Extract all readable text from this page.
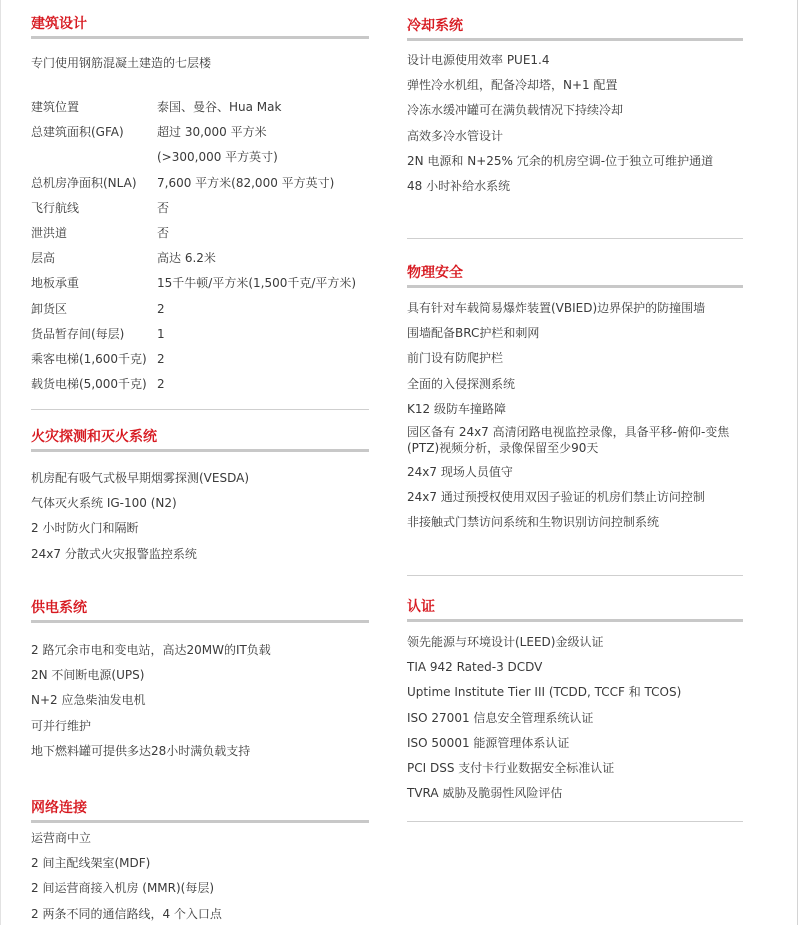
建筑设计

专门使用钢筋混凝土建造的七层楼

建筑位置	泰国、曼谷、Hua Mak
总建筑面积(GFA)	超过 30,000 平方米
(>300,000 平方英寸)
总机房净面积(NLA) 7,600 平方米(82,000 平方英寸)
飞行航线	否
泄洪道	否
层高	高达 6.2米
地板承重	15千牛顿/平方米(1,500千克/平方米)
卸货区	2
货品暂存间(每层)	1
乘客电梯(1,600千克) 2
载货电梯(5,000千克) 2
火灾探测和灭火系统
机房配有吸气式极早期烟雾探测(VESDA)
气体灭火系统 IG-100 (N2)
2 小时防火门和隔断
24x7 分散式火灾报警监控系统
供电系统
2 路冗余市电和变电站，高达20MW的IT负载
2N 不间断电源(UPS)
N+2 应急柴油发电机
可并行维护
地下燃料罐可提供多达28小时满负载支持
网络连接
运营商中立
2 间主配线架室(MDF)
2 间运营商接入机房 (MMR)(每层)
2 两条不同的通信路线，4 个入口点
冷却系统
设计电源使用效率 PUE1.4
弹性冷水机组，配备冷却塔，N+1 配置
冷冻水缓冲罐可在满负载情况下持续冷却
高效多冷水管设计
2N 电源和 N+25% 冗余的机房空调-位于独立可维护通道
48 小时补给水系统
物理安全
具有针对车载简易爆炸装置(VBIED)边界保护的防撞围墙
围墙配备BRC护栏和刺网
前门设有防爬护栏
全面的入侵探测系统
K12 级防车撞路障
园区备有 24x7 高清闭路电视监控录像，具备平移-俯仰-变焦(PTZ)视频分析，录像保留至少90天
24x7 现场人员值守
24x7 通过预授权使用双因子验证的机房们禁止访问控制
非接触式门禁访问系统和生物识别访问控制系统
认证
领先能源与环境设计(LEED)金级认证
TIA 942 Rated-3 DCDV
Uptime Institute Tier III (TCDD, TCCF 和 TCOS)
ISO 27001 信息安全管理系统认证
ISO 50001 能源管理体系认证
PCI DSS 支付卡行业数据安全标准认证
TVRA 威胁及脆弱性风险评估
